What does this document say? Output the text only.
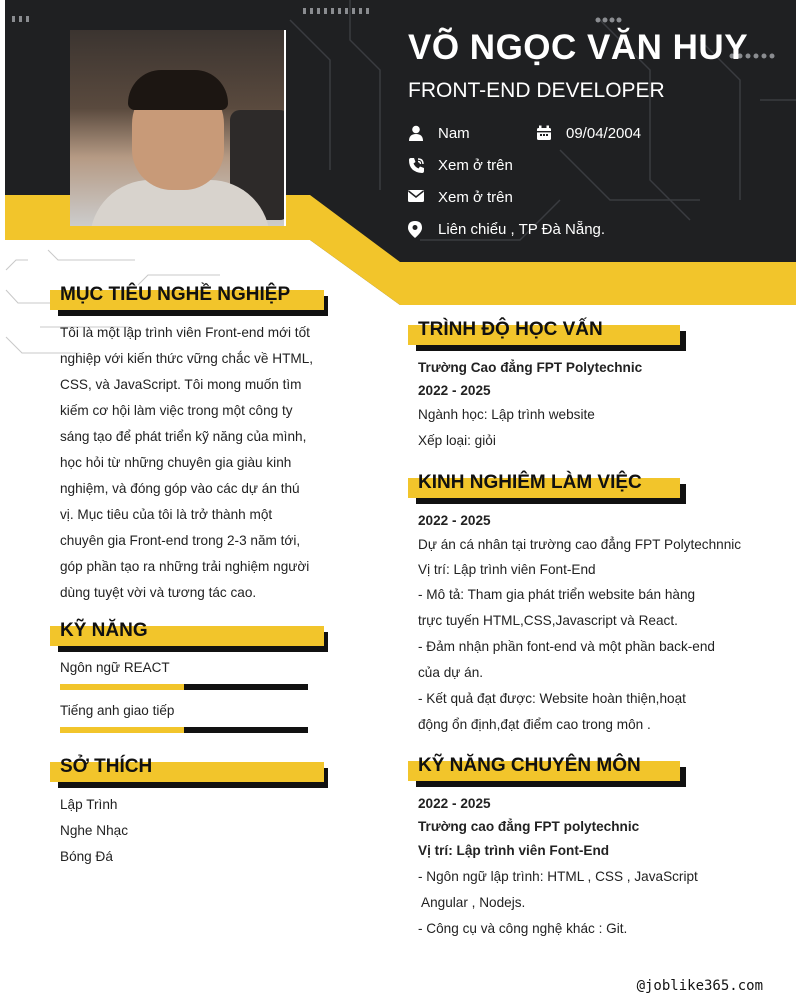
VÕ NGỌC VĂN HUY
FRONT-END DEVELOPER
Nam	09/04/2004
Xem ở trên
Xem ở trên
Liên chiểu , TP Đà Nẵng.
MỤC TIÊU NGHỀ NGHIỆP
Tôi là một lập trình viên Front-end mới tốt
nghiệp với kiến thức vững chắc về HTML,
CSS, và JavaScript. Tôi mong muốn tìm
kiếm cơ hội làm việc trong một công ty
sáng tạo để phát triển kỹ năng của mình,
học hỏi từ những chuyên gia giàu kinh
nghiệm, và đóng góp vào các dự án thú
vị. Mục tiêu của tôi là trở thành một
chuyên gia Front-end trong 2-3 năm tới,
góp phần tạo ra những trải nghiệm người
dùng tuyệt vời và tương tác cao.
KỸ NĂNG
Ngôn ngữ REACT
Tiếng anh giao tiếp
SỞ THÍCH
Lập Trình
Nghe Nhạc
Bóng Đá
TRÌNH ĐỘ HỌC VẤN
Trường Cao đẳng FPT Polytechnic
2022 - 2025
Ngành học: Lập trình website
Xếp loại: giỏi
KINH NGHIÊM LÀM VIỆC
2022 - 2025
Dự án cá nhân tại trường cao đẳng FPT Polytechnnic
Vị trí: Lập trình viên Font-End
- Mô tả: Tham gia phát triển website bán hàng
trực tuyến HTML,CSS,Javascript và React.
- Đảm nhận phần font-end và một phần back-end
của dự án.
- Kết quả đạt được: Website hoàn thiện,hoạt
động ổn định,đạt điểm cao trong môn .
KỸ NĂNG CHUYÊN MÔN
2022 - 2025
Trường cao đẳng FPT polytechnic
Vị trí: Lập trình viên Font-End
- Ngôn ngữ lập trình: HTML , CSS , JavaScript
Angular , Nodejs.
- Công cụ và công nghệ khác : Git.
@joblike365.com
